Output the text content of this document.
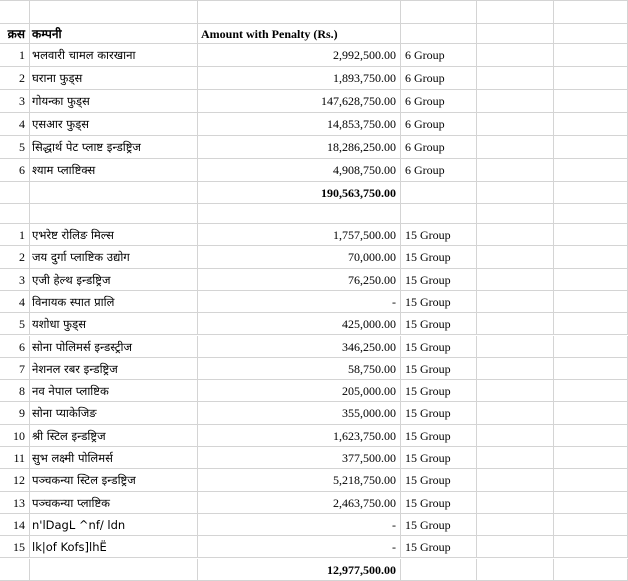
क्रस कम्पनी	Amount with Penalty (Rs.)
1 भलवारी चामल कारखाना	2,992,500.00 6 Group
2 घराना फुड्स	1,893,750.00 6 Group
3 गोयन्का फुड्स	147,628,750.00 6 Group
4 एसआर फुड्स	14,853,750.00 6 Group
5 सिद्धार्थ पेट प्लाष्ट इन्डष्ट्रिज	18,286,250.00 6 Group
6 श्याम प्लाष्टिक्स	4,908,750.00 6 Group
190,563,750.00
1 एभरेष्ट रोलिङ मिल्स	1,757,500.00 15 Group
2 जय दुर्गा प्लाष्टिक उद्योग	70,000.00 15 Group
3 एजी हेल्थ इन्डष्ट्रिज	76,250.00 15 Group
4 विनायक स्पात प्रालि	- 15 Group
5 यशोधा फुड्स	425,000.00 15 Group
6 सोना पोलिमर्स इन्डस्ट्रीज	346,250.00 15 Group
7 नेशनल रबर इन्डष्ट्रिज	58,750.00 15 Group
8 नव नेपाल प्लाष्टिक	205,000.00 15 Group
9 सोना प्याकेजिङ	355,000.00 15 Group
10 श्री स्टिल इन्डष्ट्रिज	1,623,750.00 15 Group
11 सुभ लक्ष्मी पोलिमर्स	377,500.00 15 Group
12 पञ्चकन्या स्टिल इन्डष्ट्रिज	5,218,750.00 15 Group
13 पञ्चकन्या प्लाष्टिक	2,463,750.00 15 Group
14 n'lDagL ^nf/ ldn	- 15 Group
15 lk|of Kofs]lhË	- 15 Group
12,977,500.00
